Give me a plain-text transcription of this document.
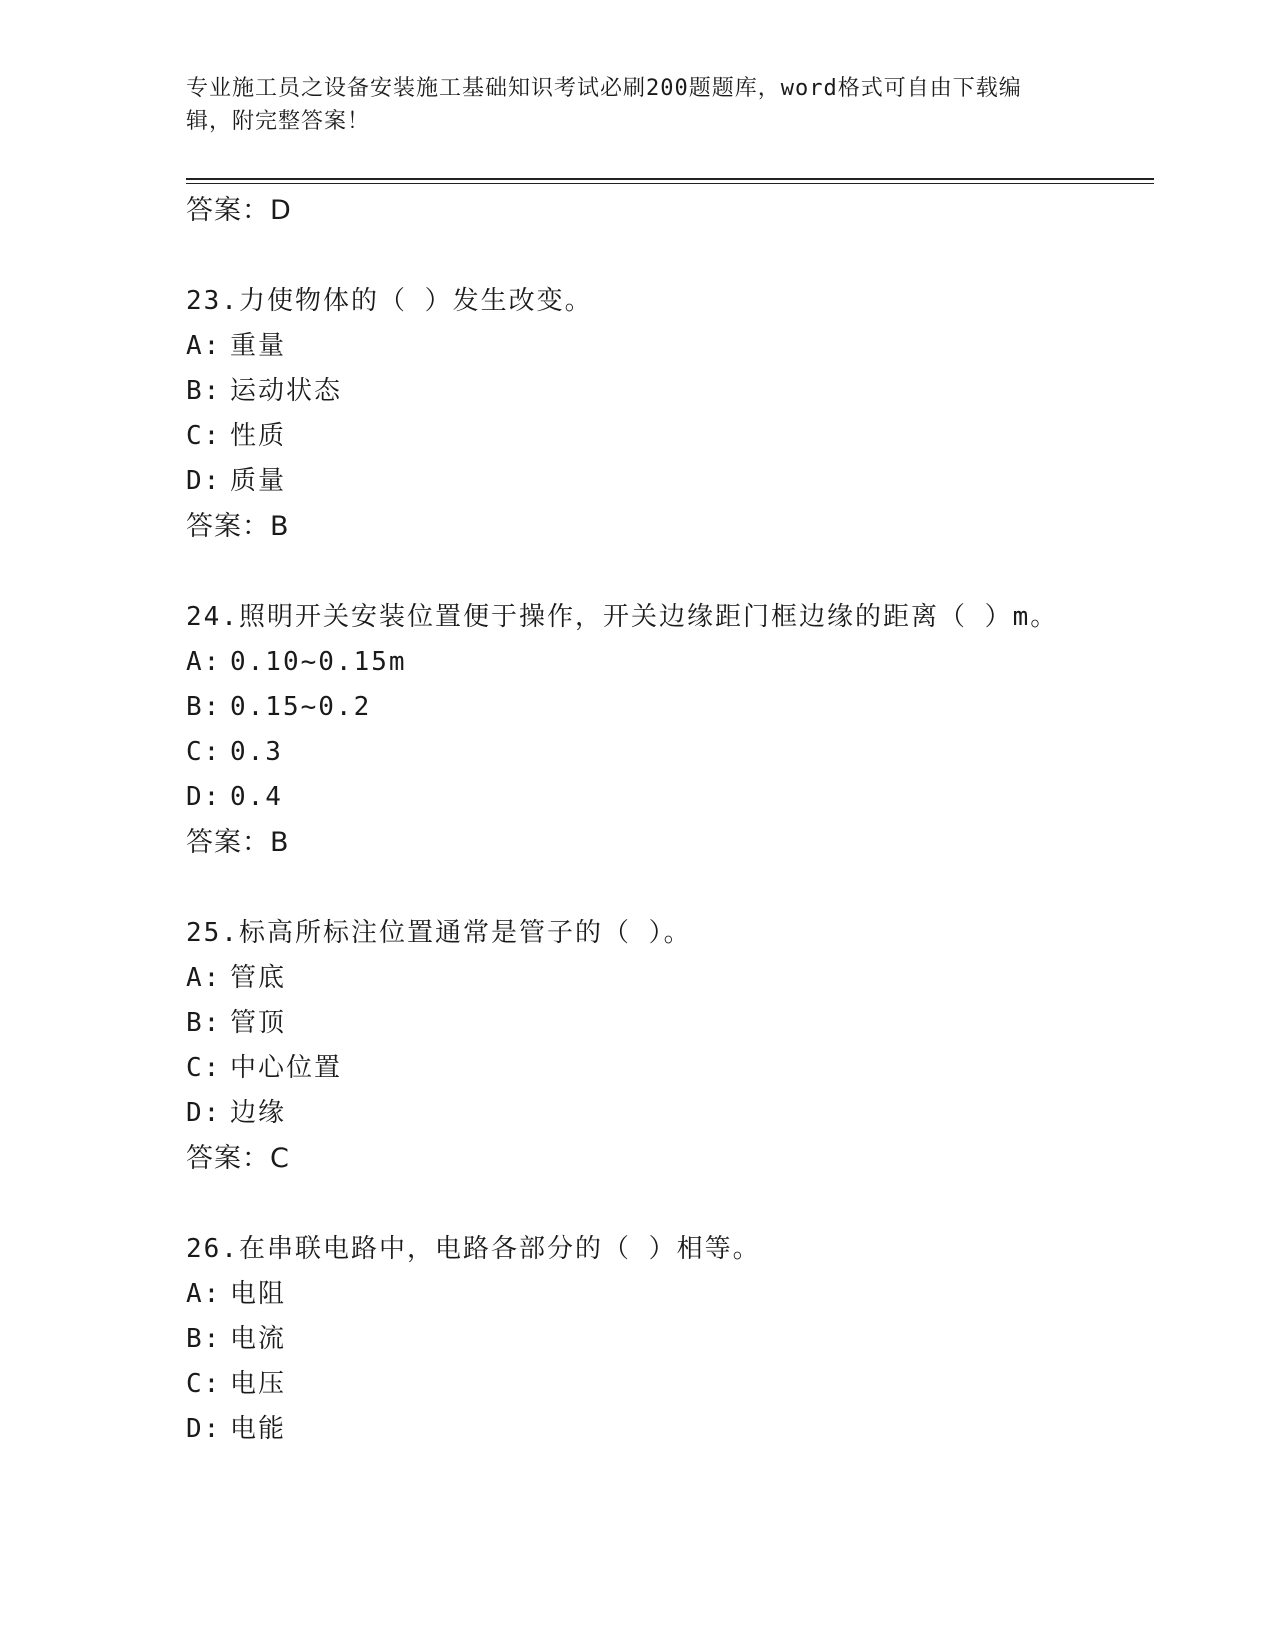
专业施工员之设备安装施工基础知识考试必刷200题题库，word格式可自由下载编辑，附完整答案！
答案：D
23.力使物体的（ ）发生改变。
A: 重量
B: 运动状态
C: 性质
D: 质量
答案：B
24.照明开关安装位置便于操作，开关边缘距门框边缘的距离（ ）m。
A: 0.10~0.15m
B: 0.15~0.2
C: 0.3
D: 0.4
答案：B
25.标高所标注位置通常是管子的（ ）。
A: 管底
B: 管顶
C: 中心位置
D: 边缘
答案：C
26.在串联电路中，电路各部分的（ ）相等。
A: 电阻
B: 电流
C: 电压
D: 电能
